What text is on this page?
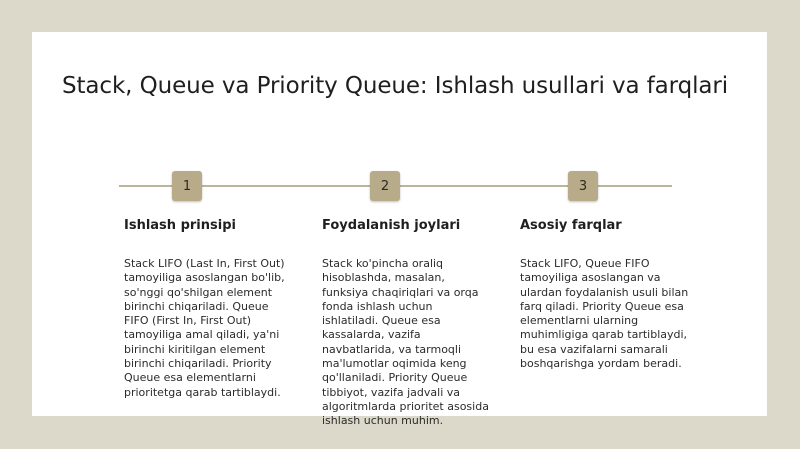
Stack, Queue va Priority Queue: Ishlash usullari va farqlari
1	2	3
Ishlash prinsipi

Stack LIFO (Last In, First Out) tamoyiliga asoslangan bo'lib, so'nggi qo'shilgan element birinchi chiqariladi. Queue FIFO (First In, First Out) tamoyiliga amal qiladi, ya'ni birinchi kiritilgan element birinchi chiqariladi. Priority Queue esa elementlarni prioritetga qarab tartiblaydi.

Foydalanish joylari

Stack ko'pincha oraliq hisoblashda, masalan, funksiya chaqiriqlari va orqa fonda ishlash uchun ishlatiladi. Queue esa kassalarda, vazifa navbatlarida, va tarmoqli ma'lumotlar oqimida keng qo'llaniladi. Priority Queue tibbiyot, vazifa jadvali va algoritmlarda prioritet asosida ishlash uchun muhim.

Asosiy farqlar

Stack LIFO, Queue FIFO tamoyiliga asoslangan va ulardan foydalanish usuli bilan farq qiladi. Priority Queue esa elementlarni ularning muhimligiga qarab tartiblaydi, bu esa vazifalarni samarali boshqarishga yordam beradi.
